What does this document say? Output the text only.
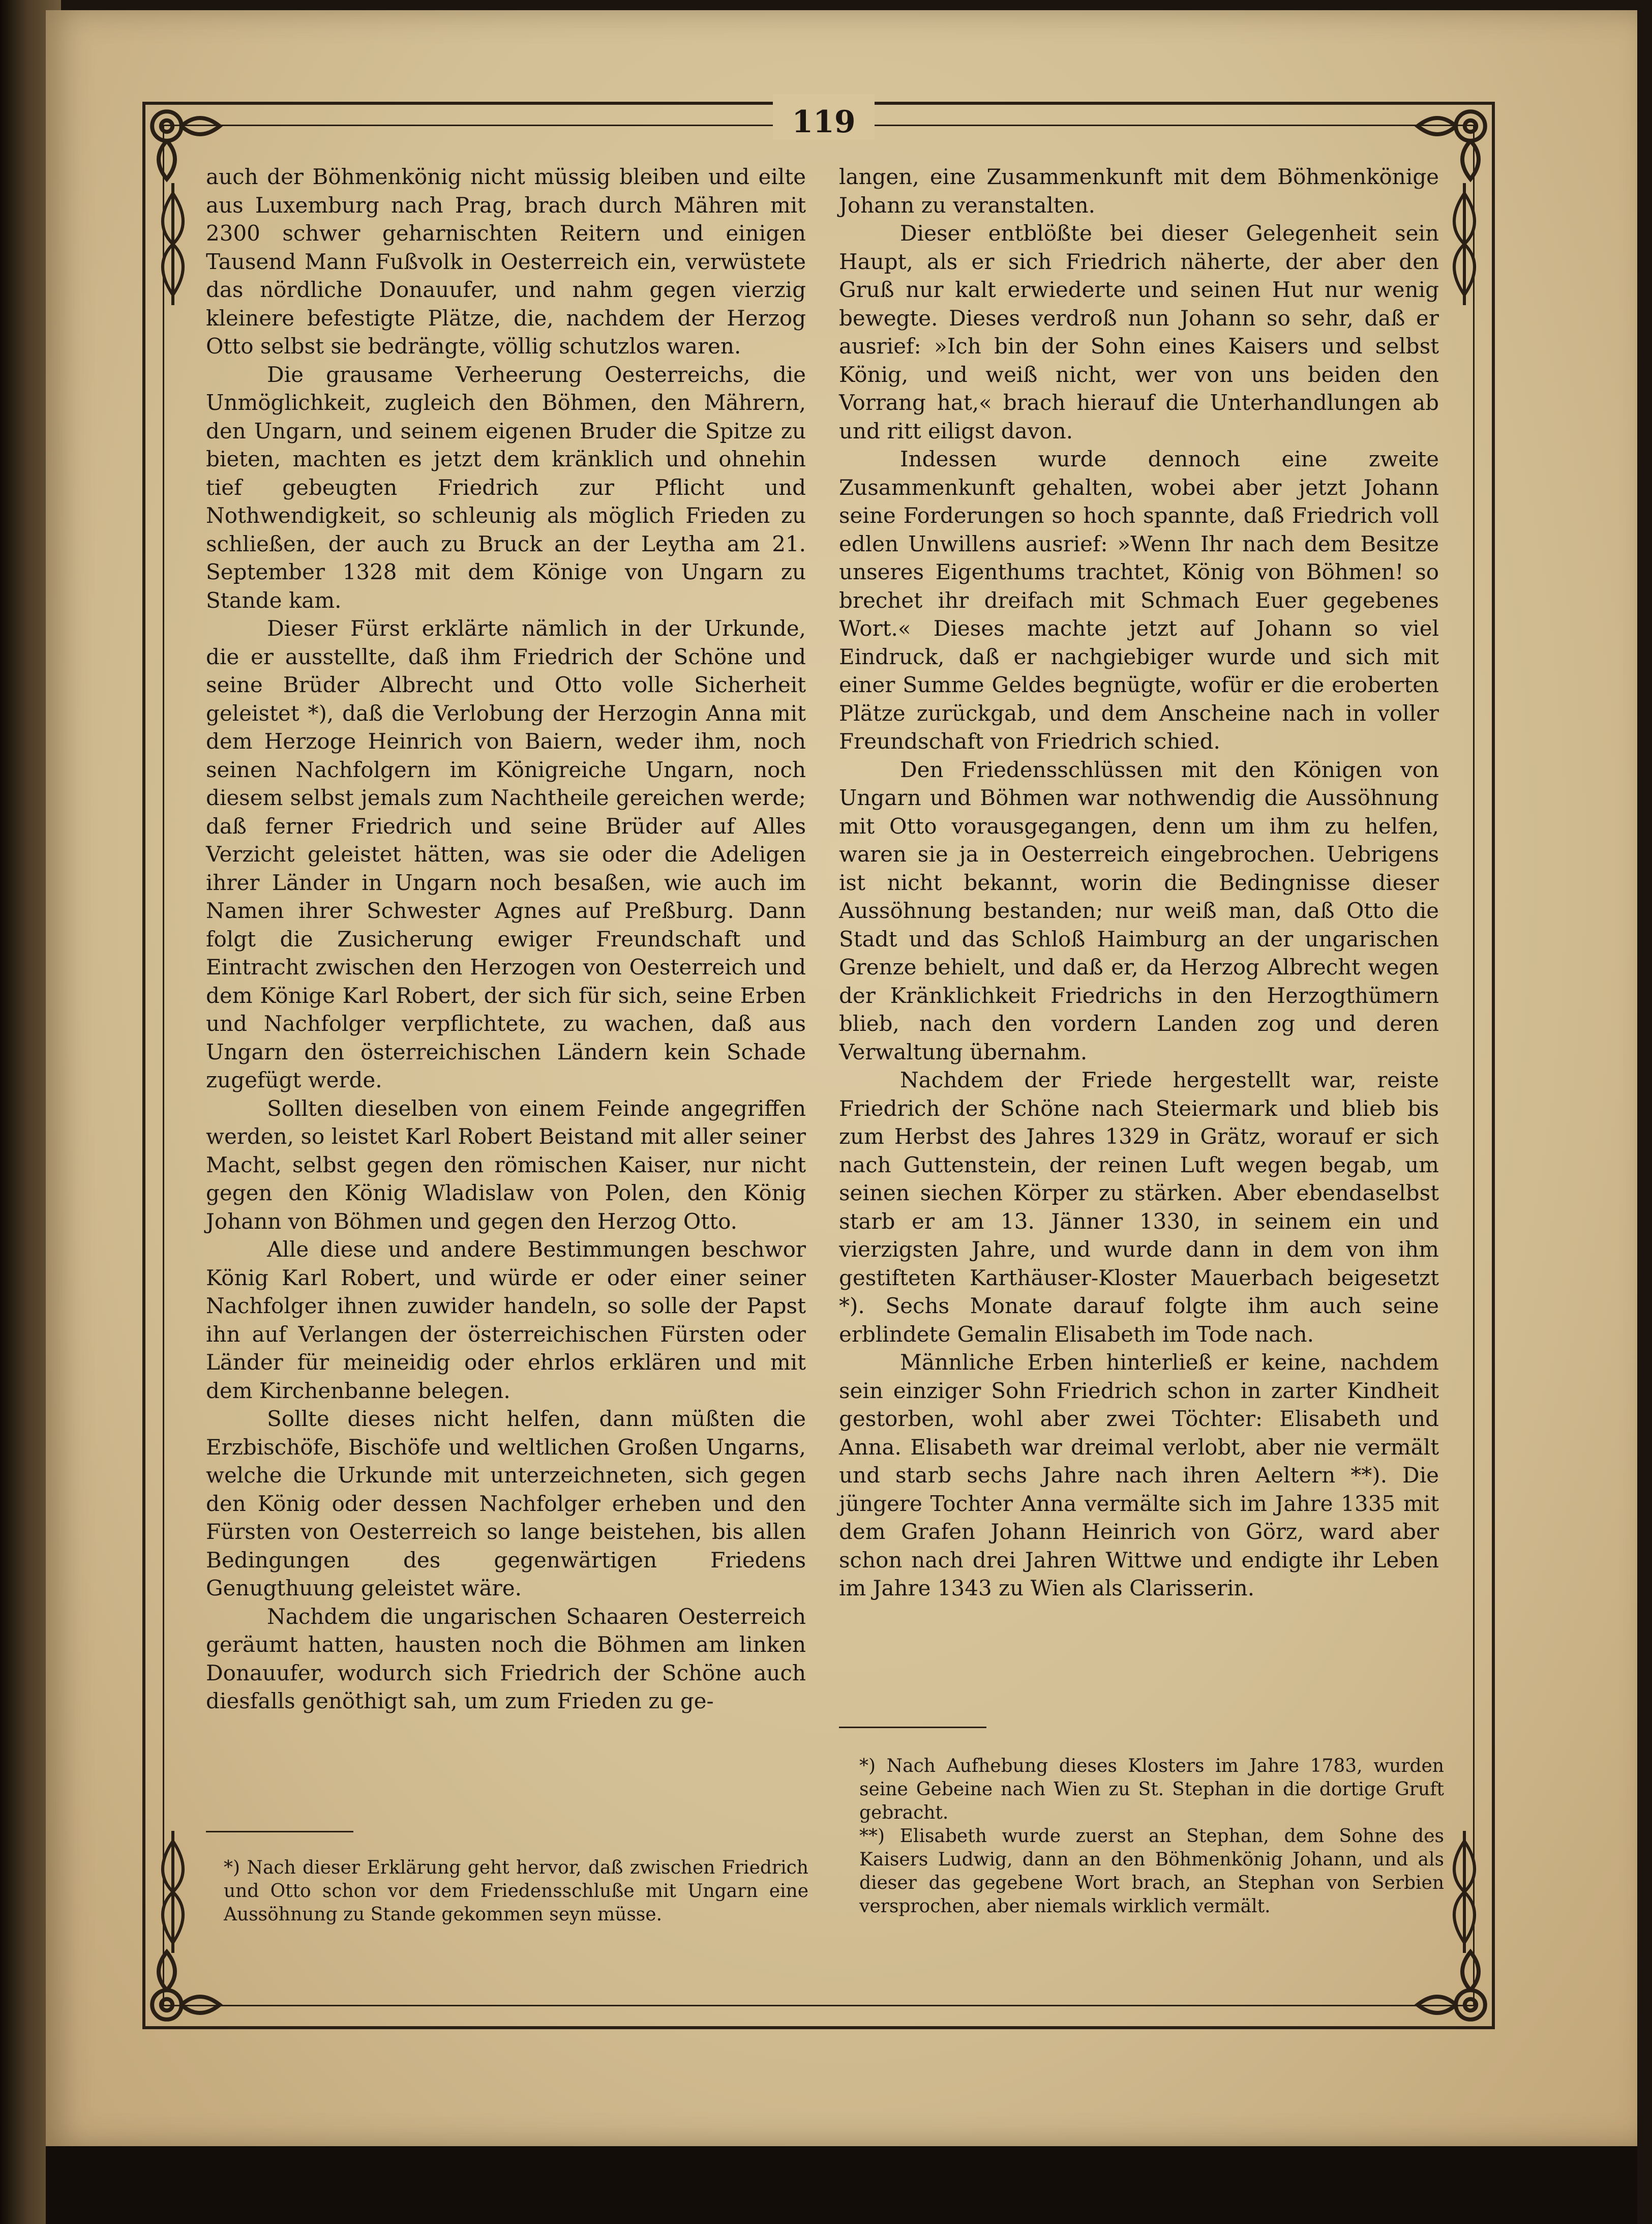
119

auch der Böhmenkönig nicht müssig bleiben und eilte aus Luxemburg nach Prag, brach durch Mähren mit 2300 schwer geharnischten Reitern und einigen Tausend Mann Fußvolk in Oesterreich ein, verwüstete das nördliche Donauufer, und nahm gegen vierzig kleinere befestigte Plätze, die, nachdem der Herzog Otto selbst sie bedrängte, völlig schutzlos waren.

Die grausame Verheerung Oesterreichs, die Unmöglichkeit, zugleich den Böhmen, den Mährern, den Ungarn, und seinem eigenen Bruder die Spitze zu bieten, machten es jetzt dem kränklich und ohnehin tief gebeugten Friedrich zur Pflicht und Nothwendigkeit, so schleunig als möglich Frieden zu schließen, der auch zu Bruck an der Leytha am 21. September 1328 mit dem Könige von Ungarn zu Stande kam.

Dieser Fürst erklärte nämlich in der Urkunde, die er ausstellte, daß ihm Friedrich der Schöne und seine Brüder Albrecht und Otto volle Sicherheit geleistet *), daß die Verlobung der Herzogin Anna mit dem Herzoge Heinrich von Baiern, weder ihm, noch seinen Nachfolgern im Königreiche Ungarn, noch diesem selbst jemals zum Nachtheile gereichen werde; daß ferner Friedrich und seine Brüder auf Alles Verzicht geleistet hätten, was sie oder die Adeligen ihrer Länder in Ungarn noch besaßen, wie auch im Namen ihrer Schwester Agnes auf Preßburg. Dann folgt die Zusicherung ewiger Freundschaft und Eintracht zwischen den Herzogen von Oesterreich und dem Könige Karl Robert, der sich für sich, seine Erben und Nachfolger verpflichtete, zu wachen, daß aus Ungarn den österreichischen Ländern kein Schade zugefügt werde.

Sollten dieselben von einem Feinde angegriffen werden, so leistet Karl Robert Beistand mit aller seiner Macht, selbst gegen den römischen Kaiser, nur nicht gegen den König Wladislaw von Polen, den König Johann von Böhmen und gegen den Herzog Otto.

Alle diese und andere Bestimmungen beschwor König Karl Robert, und würde er oder einer seiner Nachfolger ihnen zuwider handeln, so solle der Papst ihn auf Verlangen der österreichischen Fürsten oder Länder für meineidig oder ehrlos erklären und mit dem Kirchenbanne belegen.

Sollte dieses nicht helfen, dann müßten die Erzbischöfe, Bischöfe und weltlichen Großen Ungarns, welche die Urkunde mit unterzeichneten, sich gegen den König oder dessen Nachfolger erheben und den Fürsten von Oesterreich so lange beistehen, bis allen Bedingungen des gegenwärtigen Friedens Genugthuung geleistet wäre.

Nachdem die ungarischen Schaaren Oesterreich geräumt hatten, hausten noch die Böhmen am linken Donauufer, wodurch sich Friedrich der Schöne auch diesfalls genöthigt sah, um zum Frieden zu ge-

langen, eine Zusammenkunft mit dem Böhmenkönige Johann zu veranstalten.

Dieser entblößte bei dieser Gelegenheit sein Haupt, als er sich Friedrich näherte, der aber den Gruß nur kalt erwiederte und seinen Hut nur wenig bewegte. Dieses verdroß nun Johann so sehr, daß er ausrief: »Ich bin der Sohn eines Kaisers und selbst König, und weiß nicht, wer von uns beiden den Vorrang hat,« brach hierauf die Unterhandlungen ab und ritt eiligst davon.

Indessen wurde dennoch eine zweite Zusammenkunft gehalten, wobei aber jetzt Johann seine Forderungen so hoch spannte, daß Friedrich voll edlen Unwillens ausrief: »Wenn Ihr nach dem Besitze unseres Eigenthums trachtet, König von Böhmen! so brechet ihr dreifach mit Schmach Euer gegebenes Wort.« Dieses machte jetzt auf Johann so viel Eindruck, daß er nachgiebiger wurde und sich mit einer Summe Geldes begnügte, wofür er die eroberten Plätze zurückgab, und dem Anscheine nach in voller Freundschaft von Friedrich schied.

Den Friedensschlüssen mit den Königen von Ungarn und Böhmen war nothwendig die Aussöhnung mit Otto vorausgegangen, denn um ihm zu helfen, waren sie ja in Oesterreich eingebrochen. Uebrigens ist nicht bekannt, worin die Bedingnisse dieser Aussöhnung bestanden; nur weiß man, daß Otto die Stadt und das Schloß Haimburg an der ungarischen Grenze behielt, und daß er, da Herzog Albrecht wegen der Kränklichkeit Friedrichs in den Herzogthümern blieb, nach den vordern Landen zog und deren Verwaltung übernahm.

Nachdem der Friede hergestellt war, reiste Friedrich der Schöne nach Steiermark und blieb bis zum Herbst des Jahres 1329 in Grätz, worauf er sich nach Guttenstein, der reinen Luft wegen begab, um seinen siechen Körper zu stärken. Aber ebendaselbst starb er am 13. Jänner 1330, in seinem ein und vierzigsten Jahre, und wurde dann in dem von ihm gestifteten Karthäuser-Kloster Mauerbach beigesetzt *). Sechs Monate darauf folgte ihm auch seine erblindete Gemalin Elisabeth im Tode nach.

Männliche Erben hinterließ er keine, nachdem sein einziger Sohn Friedrich schon in zarter Kindheit gestorben, wohl aber zwei Töchter: Elisabeth und Anna. Elisabeth war dreimal verlobt, aber nie vermält und starb sechs Jahre nach ihren Aeltern **). Die jüngere Tochter Anna vermälte sich im Jahre 1335 mit dem Grafen Johann Heinrich von Görz, ward aber schon nach drei Jahren Wittwe und endigte ihr Leben im Jahre 1343 zu Wien als Clarisserin.

*) Nach dieser Erklärung geht hervor, daß zwischen Friedrich und Otto schon vor dem Friedensschluße mit Ungarn eine Aussöhnung zu Stande gekommen seyn müsse.
*) Nach Aufhebung dieses Klosters im Jahre 1783, wurden seine Gebeine nach Wien zu St. Stephan in die dortige Gruft gebracht.
**) Elisabeth wurde zuerst an Stephan, dem Sohne des Kaisers Ludwig, dann an den Böhmenkönig Johann, und als dieser das gegebene Wort brach, an Stephan von Serbien versprochen, aber niemals wirklich vermält.
